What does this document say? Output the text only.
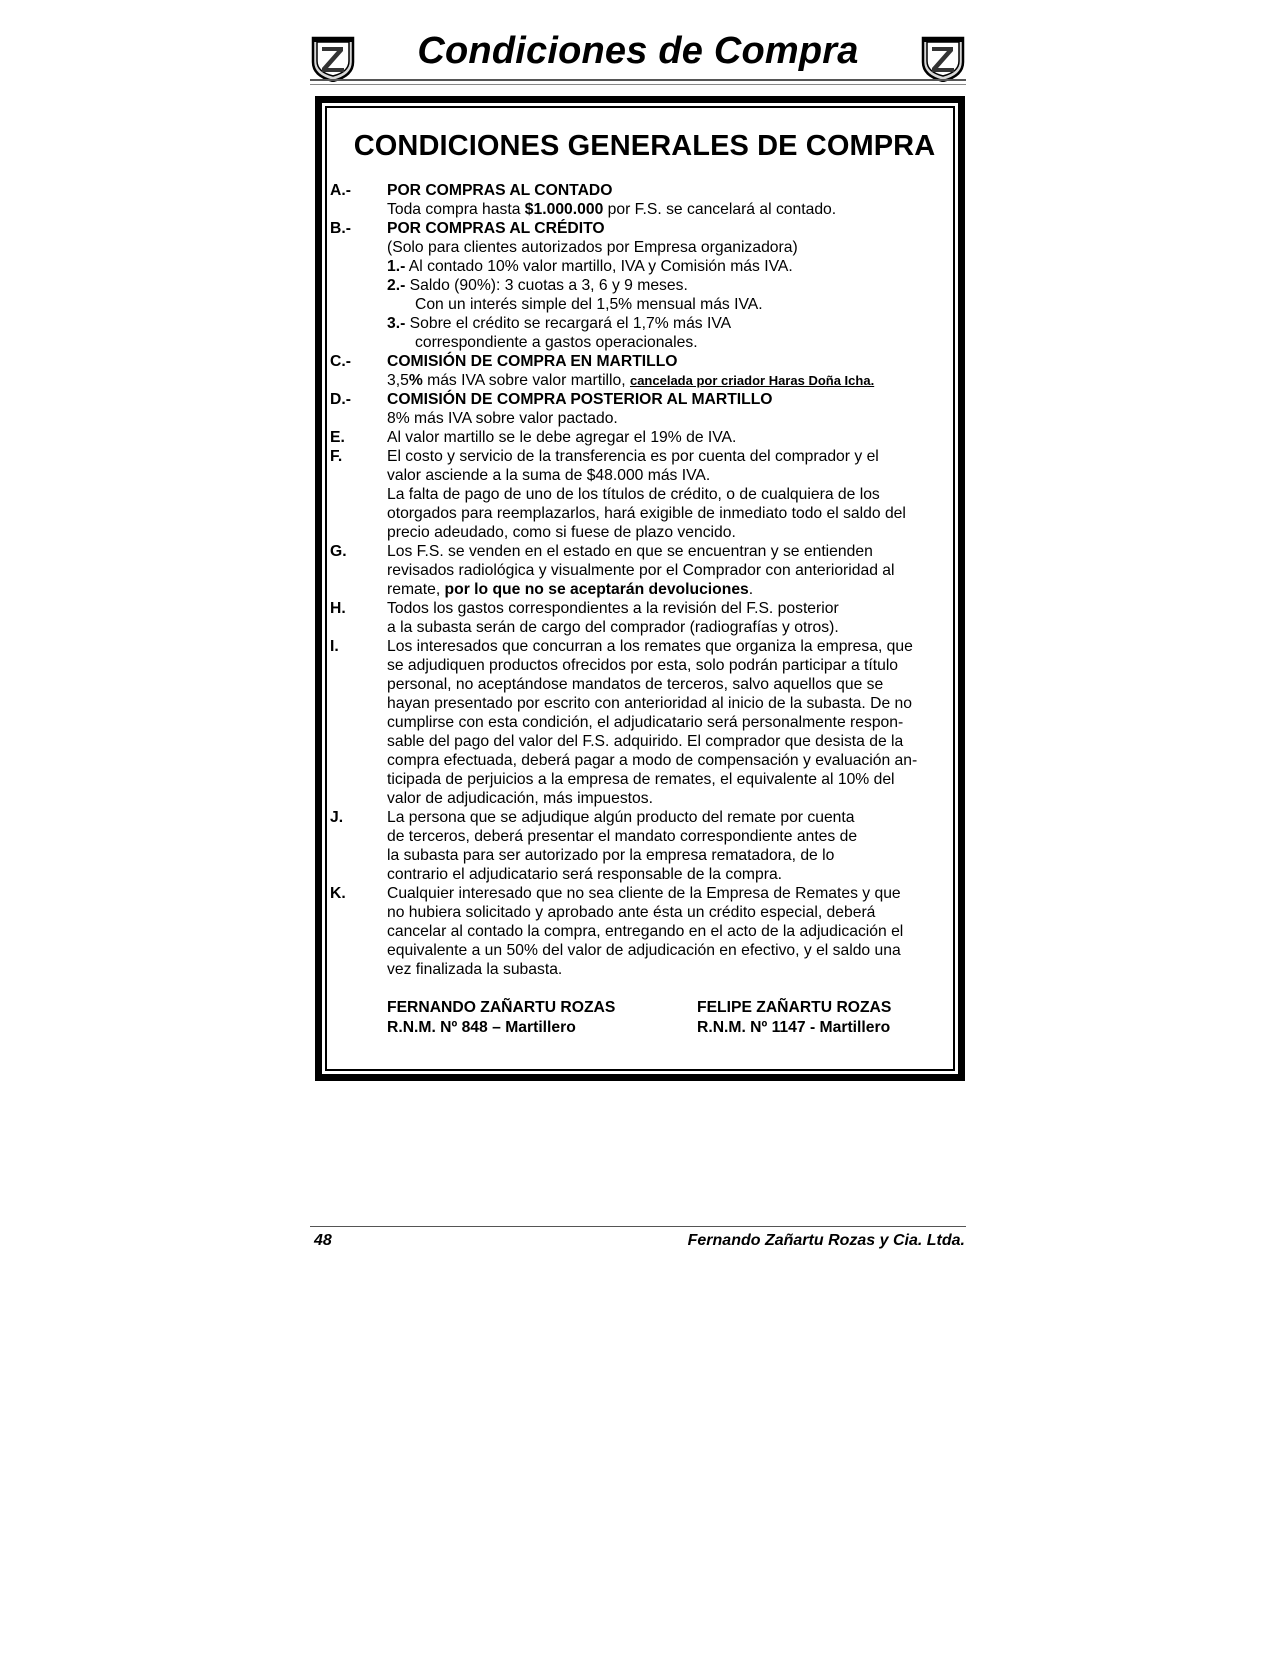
Condiciones de Compra
CONDICIONES GENERALES DE COMPRA
A.- POR COMPRAS AL CONTADO
Toda compra hasta $1.000.000 por F.S. se cancelará al contado.
B.- POR COMPRAS AL CRÉDITO
(Solo para clientes autorizados por Empresa organizadora)
1.- Al contado 10% valor martillo, IVA y Comisión más IVA.
2.- Saldo (90%): 3 cuotas a 3, 6 y 9 meses.
Con un interés simple del 1,5% mensual más IVA.
3.- Sobre el crédito se recargará el 1,7% más IVA
correspondiente a gastos operacionales.
C.- COMISIÓN DE COMPRA EN MARTILLO
3,5% más IVA sobre valor martillo, cancelada por criador Haras Doña Icha.
D.- COMISIÓN DE COMPRA POSTERIOR AL MARTILLO
8% más IVA sobre valor pactado.
E.	Al valor martillo se le debe agregar el 19% de IVA.
F.	El costo y servicio de la transferencia es por cuenta del comprador y el
valor asciende a la suma de $48.000 más IVA.
La falta de pago de uno de los títulos de crédito, o de cualquiera de los
otorgados para reemplazarlos, hará exigible de inmediato todo el saldo del
precio adeudado, como si fuese de plazo vencido.
G.	Los F.S. se venden en el estado en que se encuentran y se entienden
revisados radiológica y visualmente por el Comprador con anterioridad al
remate, por lo que no se aceptarán devoluciones.
H.	Todos los gastos correspondientes a la revisión del F.S. posterior
a la subasta serán de cargo del comprador (radiografías y otros).
I.	Los interesados que concurran a los remates que organiza la empresa, que
se adjudiquen productos ofrecidos por esta, solo podrán participar a título
personal, no aceptándose mandatos de terceros, salvo aquellos que se
hayan presentado por escrito con anterioridad al inicio de la subasta. De no
cumplirse con esta condición, el adjudicatario será personalmente respon-
sable del pago del valor del F.S. adquirido. El comprador que desista de la
compra efectuada, deberá pagar a modo de compensación y evaluación an-
ticipada de perjuicios a la empresa de remates, el equivalente al 10% del
valor de adjudicación, más impuestos.
J.	La persona que se adjudique algún producto del remate por cuenta
de terceros, deberá presentar el mandato correspondiente antes de
la subasta para ser autorizado por la empresa rematadora, de lo
contrario el adjudicatario será responsable de la compra.
K.	Cualquier interesado que no sea cliente de la Empresa de Remates y que
no hubiera solicitado y aprobado ante ésta un crédito especial, deberá
cancelar al contado la compra, entregando en el acto de la adjudicación el
equivalente a un 50% del valor de adjudicación en efectivo, y el saldo una
vez finalizada la subasta.
FERNANDO ZAÑARTU ROZAS
R.N.M. Nº 848 – Martillero
FELIPE ZAÑARTU ROZAS
R.N.M. Nº 1147 - Martillero
48	Fernando Zañartu Rozas y Cia. Ltda.
